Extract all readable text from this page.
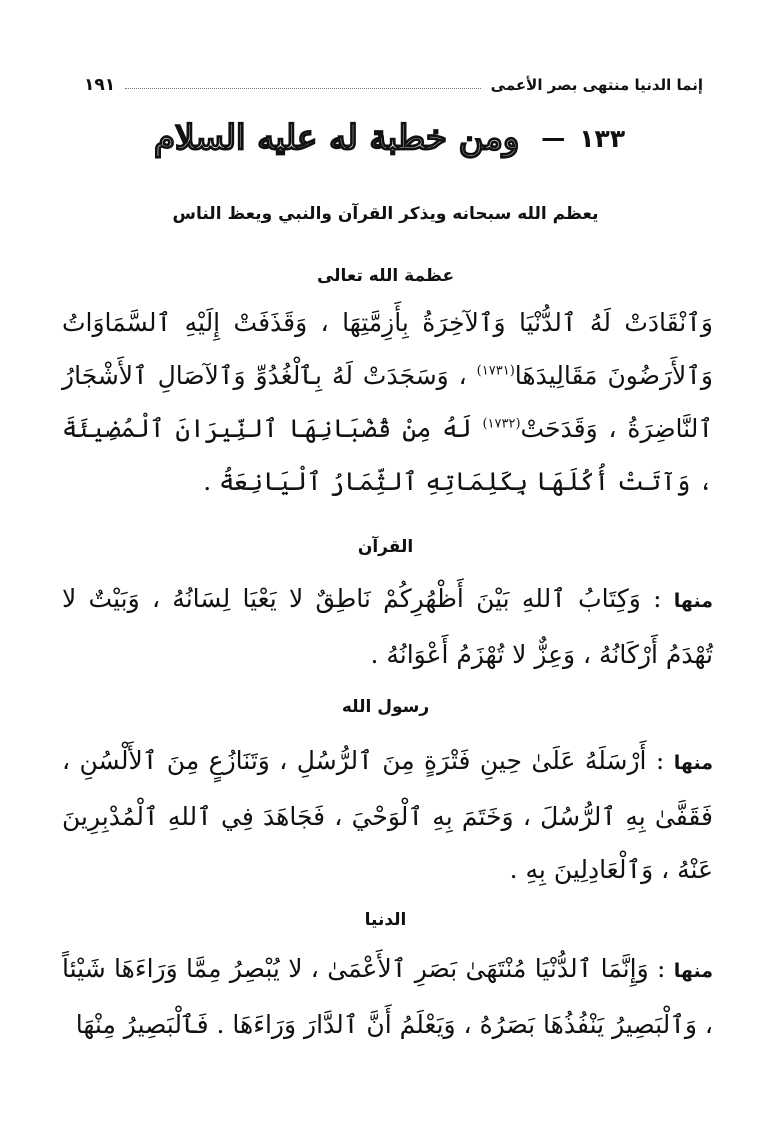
إنما الدنيا منتهى بصر الأعمى
١٩١
١٣٣
—
ومن خطبة له عليه السلام
يعظم الله سبحانه ويذكر القرآن والنبي ويعظ الناس
عظمة الله تعالى
وَٱنْقَادَتْ لَهُ ٱلدُّنْيَا وَٱلآخِرَةُ بِأَزِمَّتِهَا ، وَقَذَفَتْ إِلَيْهِ ٱلسَّمَاوَاتُ وَٱلأَرَضُونَ مَقَالِيدَهَا$^{(١٧٣١)}$ ، وَسَجَدَتْ لَهُ بِٱلْغُدُوِّ وَٱلآصَالِ ٱلأَشْجَارُ ٱلنَّاضِرَةُ ، وَقَدَحَتْ$^{(١٧٣٢)}$ لَهُ مِنْ قُضْبَانِهَا ٱلنِّيرَانَ ٱلْمُضِيئَةَ ، وَآتَتْ أُكُلَهَا بِكَلِمَاتِهِ ٱلثِّمَارُ ٱلْيَانِعَةُ .
القرآن
منها : وَكِتَابُ ٱللهِ بَيْنَ أَظْهُرِكُمْ نَاطِقٌ لا يَعْيَا لِسَانُهُ ، وَبَيْتٌ لا تُهْدَمُ أَرْكَانُهُ ، وَعِزٌّ لا تُهْزَمُ أَعْوَانُهُ .
رسول الله
منها : أَرْسَلَهُ عَلَىٰ حِينِ فَتْرَةٍ مِنَ ٱلرُّسُلِ ، وَتَنَازُعٍ مِنَ ٱلأَلْسُنِ ، فَقَفَّىٰ بِهِ ٱلرُّسُلَ ، وَخَتَمَ بِهِ ٱلْوَحْيَ ، فَجَاهَدَ فِي ٱللهِ ٱلْمُدْبِرِينَ عَنْهُ ، وَٱلْعَادِلِينَ بِهِ .
الدنيا
منها : وَإِنَّمَا ٱلدُّنْيَا مُنْتَهَىٰ بَصَرِ ٱلأَعْمَىٰ ، لا يُبْصِرُ مِمَّا وَرَاءَهَا شَيْئاً ، وَٱلْبَصِيرُ يَنْفُذُهَا بَصَرُهُ ، وَيَعْلَمُ أَنَّ ٱلدَّارَ وَرَاءَهَا . فَٱلْبَصِيرُ مِنْهَا
